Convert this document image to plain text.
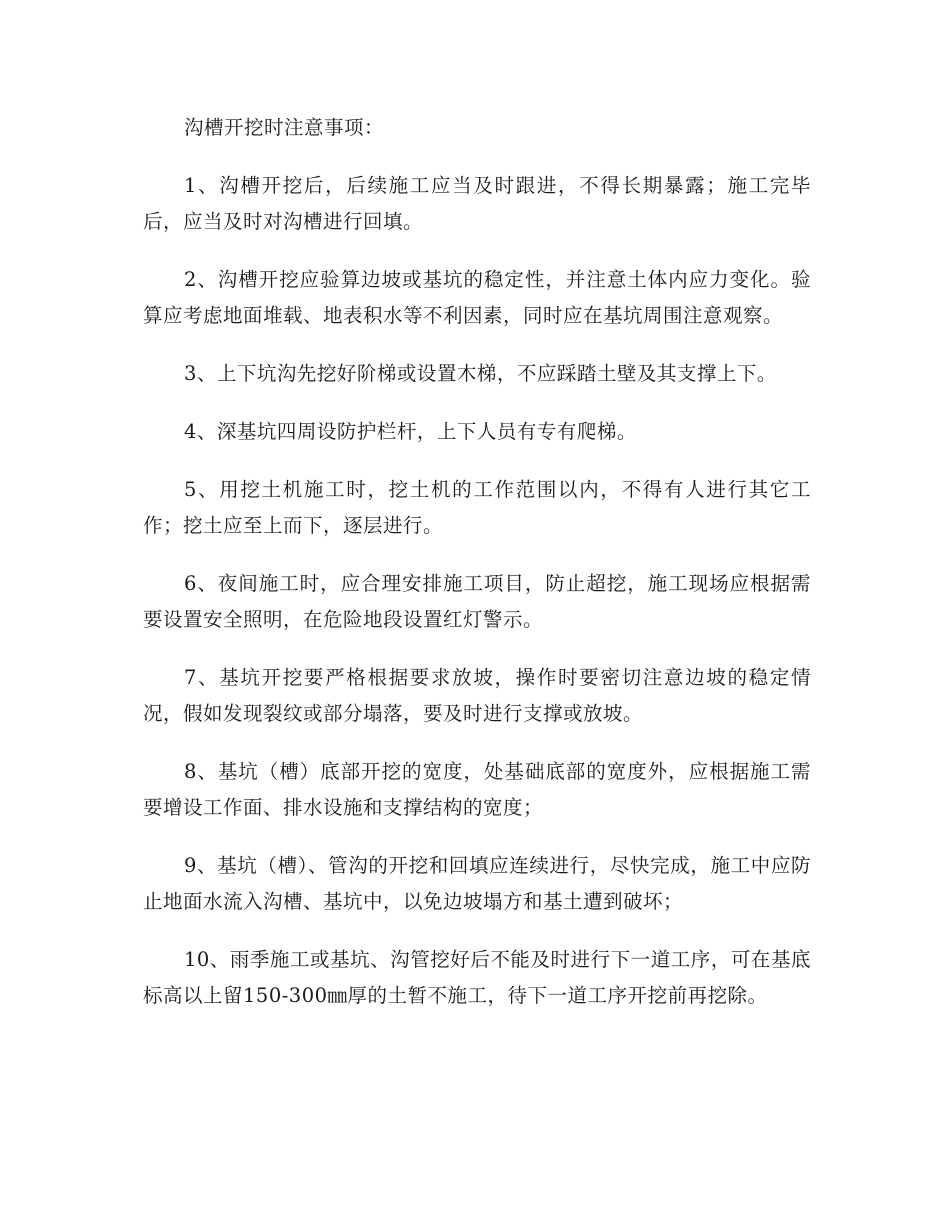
沟槽开挖时注意事项：

1、沟槽开挖后，后续施工应当及时跟进，不得长期暴露；施工完毕后，应当及时对沟槽进行回填。

2、沟槽开挖应验算边坡或基坑的稳定性，并注意土体内应力变化。验算应考虑地面堆载、地表积水等不利因素，同时应在基坑周围注意观察。

3、上下坑沟先挖好阶梯或设置木梯，不应踩踏土壁及其支撑上下。

4、深基坑四周设防护栏杆，上下人员有专有爬梯。

5、用挖土机施工时，挖土机的工作范围以内，不得有人进行其它工作；挖土应至上而下，逐层进行。

6、夜间施工时，应合理安排施工项目，防止超挖，施工现场应根据需要设置安全照明，在危险地段设置红灯警示。

7、基坑开挖要严格根据要求放坡，操作时要密切注意边坡的稳定情况，假如发现裂纹或部分塌落，要及时进行支撑或放坡。

8、基坑（槽）底部开挖的宽度，处基础底部的宽度外，应根据施工需要增设工作面、排水设施和支撑结构的宽度；

9、基坑（槽）、管沟的开挖和回填应连续进行，尽快完成，施工中应防止地面水流入沟槽、基坑中，以免边坡塌方和基土遭到破坏；

10、雨季施工或基坑、沟管挖好后不能及时进行下一道工序，可在基底标高以上留150-300㎜厚的土暂不施工，待下一道工序开挖前再挖除。
